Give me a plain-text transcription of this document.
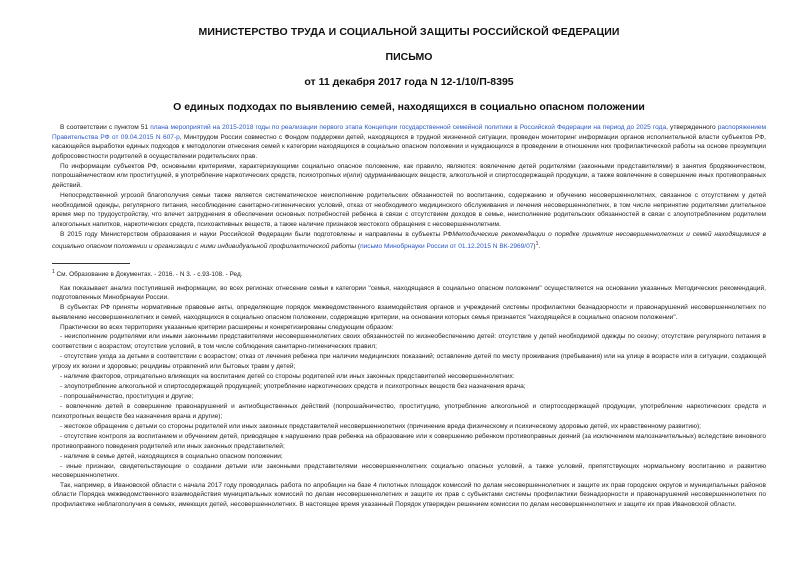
МИНИСТЕРСТВО ТРУДА И СОЦИАЛЬНОЙ ЗАЩИТЫ РОССИЙСКОЙ ФЕДЕРАЦИИ
ПИСЬМО
от 11 декабря 2017 года N 12-1/10/П-8395
О единых подходах по выявлению семей, находящихся в социально опасном положении

В соответствии с пунктом 51 плана мероприятий на 2015-2018 годы по реализации первого этапа Концепции государственной семейной политики в Российской Федерации на период до 2025 года, утвержденного распоряжением Правительства РФ от 09.04.2015 N 607-р, Минтрудом России совместно с Фондом поддержки детей, находящихся в трудной жизненной ситуации, проведен мониторинг информации органов исполнительной власти субъектов РФ, касающейся выработки единых подходов к методологии отнесения семей к категории находящихся в социально опасном положении и нуждающихся в проведении в отношении них профилактической работы на основе презумпции добросовестности родителей в осуществлении родительских прав.

По информации субъектов РФ, основными критериями, характеризующими социально опасное положение, как правило, являются: вовлечение детей родителями (законными представителями) в занятия бродяжничеством, попрошайничеством или проституцией, в употребление наркотических средств, психотропных и(или) одурманивающих веществ, алкогольной и спиртосодержащей продукции, а также вовлечение в совершение иных противоправных действий.

Непосредственной угрозой благополучия семьи также является систематическое неисполнение родительских обязанностей по воспитанию, содержанию и обучению несовершеннолетних, связанное с отсутствием у детей необходимой одежды, регулярного питания, несоблюдение санитарно-гигиенических условий, отказ от необходимого медицинского обслуживания и лечения несовершеннолетних, в том числе непринятие родителями длительное время мер по трудоустройству, что влечет затруднения в обеспечении основных потребностей ребенка в связи с отсутствием доходов в семье, неисполнение родительских обязанностей в связи с злоупотреблением родителем алкогольных напитков, наркотических средств, психоактивных веществ, а также наличие признаков жестокого обращения с несовершеннолетним.

В 2015 году Министерством образования и науки Российской Федерации были подготовлены и направлены в субъекты РФМетодические рекомендации о порядке принятия несовершеннолетних и семей находящимися в социально опасном положении и организации с ними индивидуальной профилактической работы (письмо Минобрнауки России от 01.12.2015 N ВК-2969/07)$^1$.

$^1$ См. Образование в Документах. - 2016. - N 3. - с.93-108. - Ред.

Как показывает анализ поступившей информации, во всех регионах отнесение семьи к категории "семья, находящаяся в социально опасном положении" осуществляется на основании указанных Методических рекомендаций, подготовленных Минобрнауки России.

В субъектах РФ приняты нормативные правовые акты, определяющие порядок межведомственного взаимодействия органов и учреждений системы профилактики безнадзорности и правонарушений несовершеннолетних по выявлению несовершеннолетних и семей, находящихся в социально опасном положении, содержащие критерии, на основании которых семья признается "находящейся в социально опасном положении".

Практически во всех территориях указанные критерии расширены и конкретизированы следующим образом:

- неисполнение родителями или иными законными представителями несовершеннолетних своих обязанностей по жизнеобеспечению детей: отсутствие у детей необходимой одежды по сезону; отсутствие регулярного питания в соответствии с возрастом; отсутствие условий, в том числе соблюдения санитарно-гигиенических правил;

- отсутствие ухода за детьми в соответствии с возрастом; отказ от лечения ребенка при наличии медицинских показаний; оставление детей по месту проживания (пребывания) или на улице в возрасте или в ситуации, создающей угрозу их жизни и здоровью; рецидивы отравлений или бытовых травм у детей;

- наличие факторов, отрицательно влияющих на воспитание детей со стороны родителей или иных законных представителей несовершеннолетних:

- злоупотребление алкогольной и спиртосодержащей продукцией; употребление наркотических средств и психотропных веществ без назначения врача;

- попрошайничество, проституция и другие;

- вовлечение детей в совершение правонарушений и антиобщественных действий (попрошайничество, проституцию, употребление алкогольной и спиртосодержащей продукции, употребление наркотических средств и психотропных веществ без назначения врача и другие);

- жестокое обращение с детьми со стороны родителей или иных законных представителей несовершеннолетних (причинение вреда физическому и психическому здоровью детей, их нравственному развитию);

- отсутствие контроля за воспитанием и обучением детей, приводящее к нарушению прав ребенка на образование или к совершению ребенком противоправных деяний (за исключением малозначительных) вследствие виновного противоправного поведения родителей или иных законных представителей;

- наличие в семье детей, находящихся в социально опасном положении;

- иные признаки, свидетельствующие о создании детьми или законными представителями несовершеннолетних социально опасных условий, а также условий, препятствующих нормальному воспитанию и развитию несовершеннолетних.

Так, например, в Ивановской области с начала 2017 году проводилась работа по апробации на базе 4 пилотных площадок комиссий по делам несовершеннолетних и защите их прав городских округов и муниципальных районов области Порядка межведомственного взаимодействия муниципальных комиссий по делам несовершеннолетних и защите их прав с субъектами системы профилактики безнадзорности и правонарушений несовершеннолетних по профилактике неблагополучия в семьях, имеющих детей, несовершеннолетних. В настоящее время указанный Порядок утвержден решением комиссии по делам несовершеннолетних и защите их прав Ивановской области.
